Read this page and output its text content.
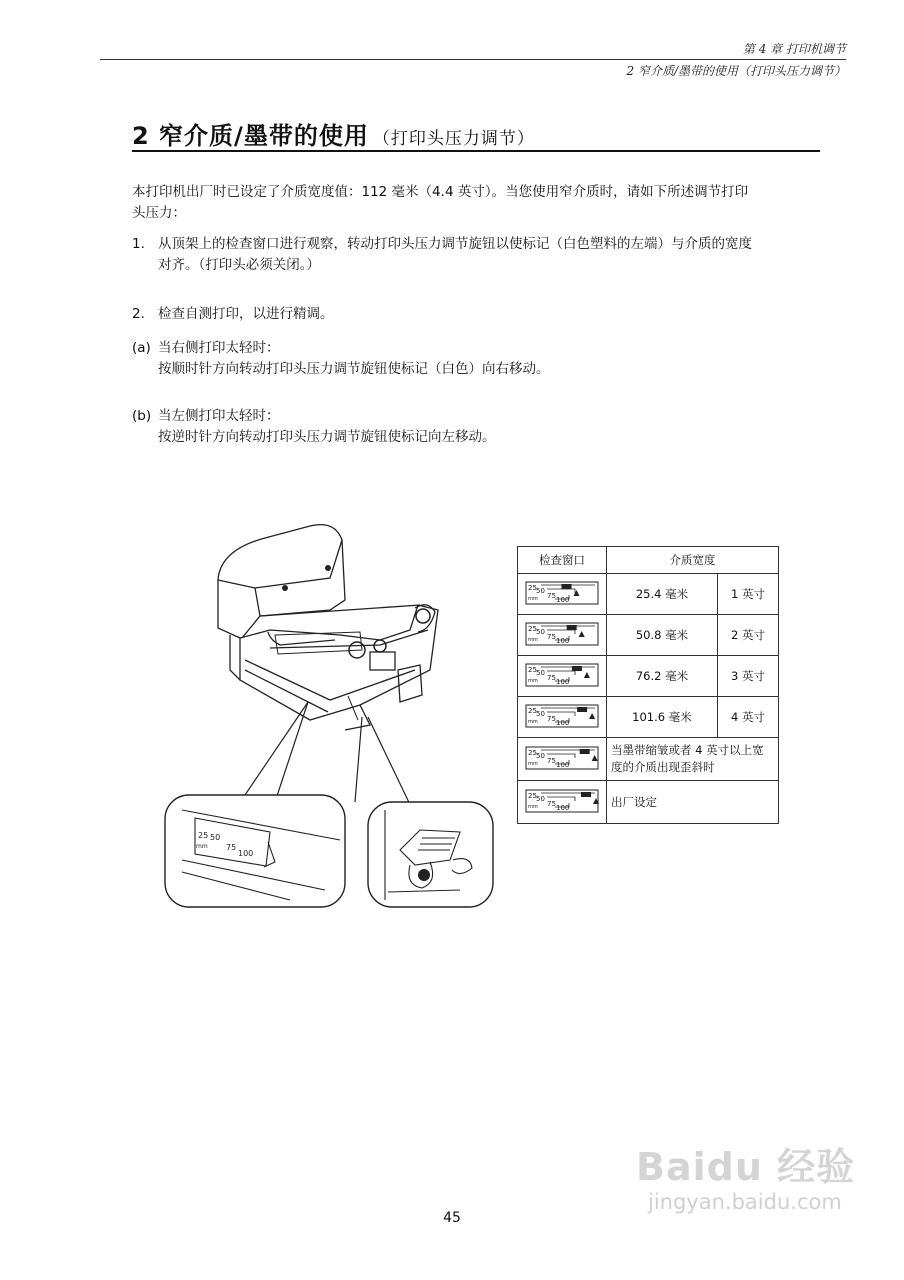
第 4 章 打印机调节
2 窄介质/墨带的使用（打印头压力调节）
2 窄介质/墨带的使用 （打印头压力调节）
本打印机出厂时已设定了介质宽度值：112 毫米（4.4 英寸）。当您使用窄介质时，请如下所述调节打印
头压力：
1. 从顶架上的检查窗口进行观察，转动打印头压力调节旋钮以使标记（白色塑料的左端）与介质的宽度
对齐。（打印头必须关闭。）
2. 检查自测打印，以进行精调。
(a) 当右侧打印太轻时：
按顺时针方向转动打印头压力调节旋钮使标记（白色）向右移动。
(b) 当左侧打印太轻时：
按逆时针方向转动打印头压力调节旋钮使标记向左移动。
25 50
75
100
mm
检查窗口	介质宽度	

25 50
75 100
mm	25.4 毫米	1 英寸

25 50
75 100
mm	50.8 毫米	2 英寸

25 50
75 100
mm	76.2 毫米	3 英寸

25 50
75 100
mm	101.6 毫米	4 英寸

25 50
75 100
mm	当墨带缩皱或者 4 英寸以上宽度的介质出现歪斜时	

25 50
75 100
mm	出厂设定	
45
Baidu 经验
jingyan.baidu.com
